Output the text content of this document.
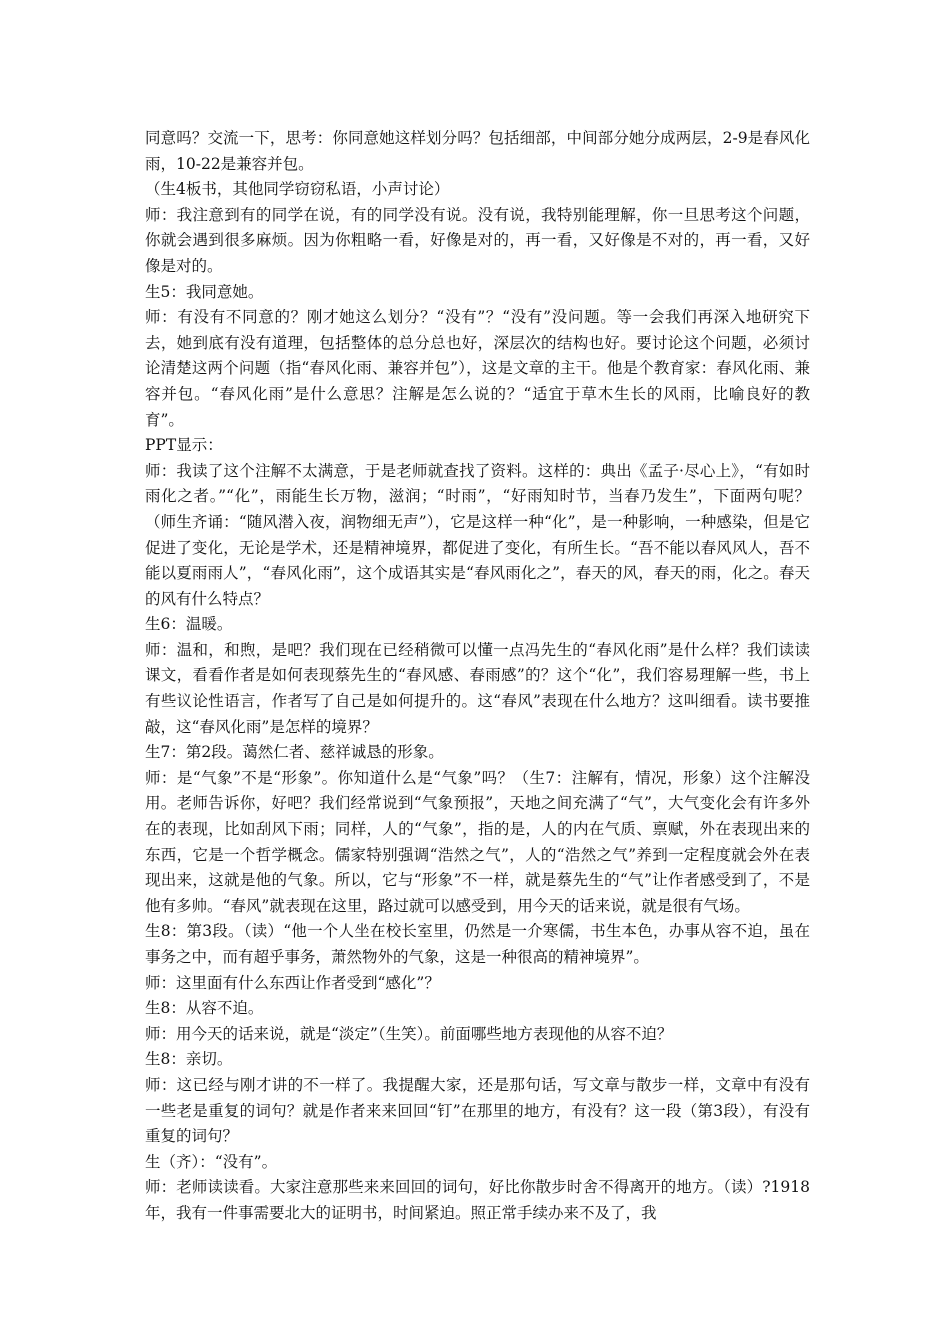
同意吗？交流一下，思考：你同意她这样划分吗？包括细部，中间部分她分成两层，2-9是春风化雨，10-22是兼容并包。

（生4板书，其他同学窃窃私语，小声讨论）

师：我注意到有的同学在说，有的同学没有说。没有说，我特别能理解，你一旦思考这个问题，你就会遇到很多麻烦。因为你粗略一看，好像是对的，再一看，又好像是不对的，再一看，又好像是对的。

生5：我同意她。

师：有没有不同意的？刚才她这么划分？“没有”？“没有”没问题。等一会我们再深入地研究下去，她到底有没有道理，包括整体的总分总也好，深层次的结构也好。要讨论这个问题，必须讨论清楚这两个问题（指“春风化雨、兼容并包”），这是文章的主干。他是个教育家：春风化雨、兼容并包。“春风化雨”是什么意思？注解是怎么说的？“适宜于草木生长的风雨，比喻良好的教育”。

PPT显示：

师：我读了这个注解不太满意，于是老师就查找了资料。这样的：典出《孟子·尽心上》，“有如时雨化之者。”“化”，雨能生长万物，滋润；“时雨”，“好雨知时节，当春乃发生”，下面两句呢？（师生齐诵：“随风潜入夜，润物细无声”），它是这样一种“化”，是一种影响，一种感染，但是它促进了变化，无论是学术，还是精神境界，都促进了变化，有所生长。“吾不能以春风风人，吾不能以夏雨雨人”，“春风化雨”，这个成语其实是“春风雨化之”，春天的风，春天的雨，化之。春天的风有什么特点？

生6：温暖。

师：温和，和煦，是吧？我们现在已经稍微可以懂一点冯先生的“春风化雨”是什么样？我们读读课文，看看作者是如何表现蔡先生的“春风感、春雨感”的？这个“化”，我们容易理解一些，书上有些议论性语言，作者写了自己是如何提升的。这“春风”表现在什么地方？这叫细看。读书要推敲，这“春风化雨”是怎样的境界？

生7：第2段。蔼然仁者、慈祥诚恳的形象。

师：是“气象”不是“形象”。你知道什么是“气象”吗？（生7：注解有，情况，形象）这个注解没用。老师告诉你，好吧？我们经常说到“气象预报”，天地之间充满了“气”，大气变化会有许多外在的表现，比如刮风下雨；同样，人的“气象”，指的是，人的内在气质、禀赋，外在表现出来的东西，它是一个哲学概念。儒家特别强调“浩然之气”，人的“浩然之气”养到一定程度就会外在表现出来，这就是他的气象。所以，它与“形象”不一样，就是蔡先生的“气”让作者感受到了，不是他有多帅。“春风”就表现在这里，路过就可以感受到，用今天的话来说，就是很有气场。

生8：第3段。（读）“他一个人坐在校长室里，仍然是一介寒儒，书生本色，办事从容不迫，虽在事务之中，而有超乎事务，萧然物外的气象，这是一种很高的精神境界”。

师：这里面有什么东西让作者受到“感化”？

生8：从容不迫。

师：用今天的话来说，就是“淡定”（生笑）。前面哪些地方表现他的从容不迫？

生8：亲切。

师：这已经与刚才讲的不一样了。我提醒大家，还是那句话，写文章与散步一样，文章中有没有一些老是重复的词句？就是作者来来回回“钉”在那里的地方，有没有？这一段（第3段），有没有重复的词句？

生（齐）：“没有”。

师：老师读读看。大家注意那些来来回回的词句，好比你散步时舍不得离开的地方。（读）?1918年，我有一件事需要北大的证明书，时间紧迫。照正常手续办来不及了，我
